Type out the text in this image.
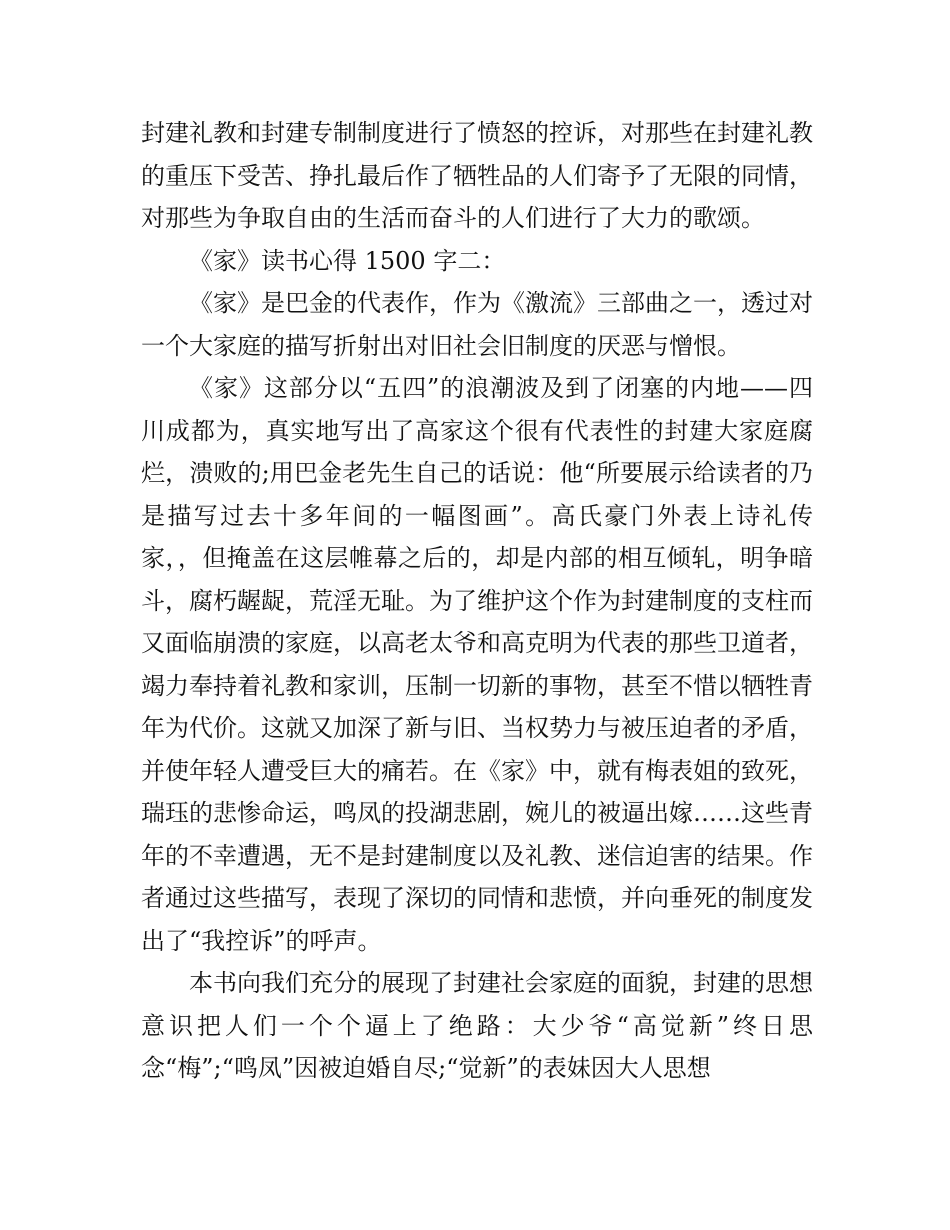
封建礼教和封建专制制度进行了愤怒的控诉，对那些在封建礼教的重压下受苦、挣扎最后作了牺牲品的人们寄予了无限的同情，对那些为争取自由的生活而奋斗的人们进行了大力的歌颂。

《家》读书心得 1500 字二：

《家》是巴金的代表作，作为《激流》三部曲之一，透过对一个大家庭的描写折射出对旧社会旧制度的厌恶与憎恨。

《家》这部分以“五四”的浪潮波及到了闭塞的内地——四川成都为，真实地写出了高家这个很有代表性的封建大家庭腐烂，溃败的;用巴金老先生自己的话说：他“所要展示给读者的乃是描写过去十多年间的一幅图画”。高氏豪门外表上诗礼传家，，但掩盖在这层帷幕之后的，却是内部的相互倾轧，明争暗斗，腐朽龌龊，荒淫无耻。为了维护这个作为封建制度的支柱而又面临崩溃的家庭，以高老太爷和高克明为代表的那些卫道者，竭力奉持着礼教和家训，压制一切新的事物，甚至不惜以牺牲青年为代价。这就又加深了新与旧、当权势力与被压迫者的矛盾，并使年轻人遭受巨大的痛若。在《家》中，就有梅表姐的致死，瑞珏的悲惨命运，鸣凤的投湖悲剧，婉儿的被逼出嫁……这些青年的不幸遭遇，无不是封建制度以及礼教、迷信迫害的结果。作者通过这些描写，表现了深切的同情和悲愤，并向垂死的制度发出了“我控诉”的呼声。

本书向我们充分的展现了封建社会家庭的面貌，封建的思想意识把人们一个个逼上了绝路：大少爷“高觉新”终日思念“梅”;“鸣凤”因被迫婚自尽;“觉新”的表妹因大人思想
